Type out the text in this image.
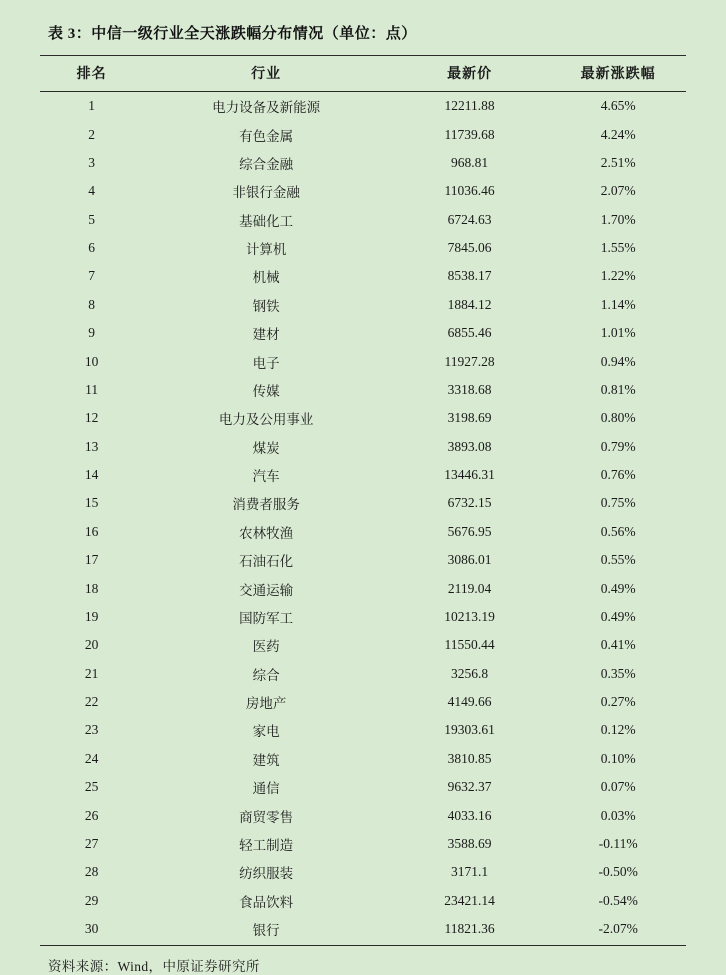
表 3：中信一级行业全天涨跌幅分布情况（单位：点）
排名	行业	最新价	最新涨跌幅
1	电力设备及新能源	12211.88	4.65%
2	有色金属	11739.68	4.24%
3	综合金融	968.81	2.51%
4	非银行金融	11036.46	2.07%
5	基础化工	6724.63	1.70%
6	计算机	7845.06	1.55%
7	机械	8538.17	1.22%
8	钢铁	1884.12	1.14%
9	建材	6855.46	1.01%
10	电子	11927.28	0.94%
11	传媒	3318.68	0.81%
12	电力及公用事业	3198.69	0.80%
13	煤炭	3893.08	0.79%
14	汽车	13446.31	0.76%
15	消费者服务	6732.15	0.75%
16	农林牧渔	5676.95	0.56%
17	石油石化	3086.01	0.55%
18	交通运输	2119.04	0.49%
19	国防军工	10213.19	0.49%
20	医药	11550.44	0.41%
21	综合	3256.8	0.35%
22	房地产	4149.66	0.27%
23	家电	19303.61	0.12%
24	建筑	3810.85	0.10%
25	通信	9632.37	0.07%
26	商贸零售	4033.16	0.03%
27	轻工制造	3588.69	-0.11%
28	纺织服装	3171.1	-0.50%
29	食品饮料	23421.14	-0.54%
30	银行	11821.36	-2.07%
资料来源：Wind，中原证券研究所
